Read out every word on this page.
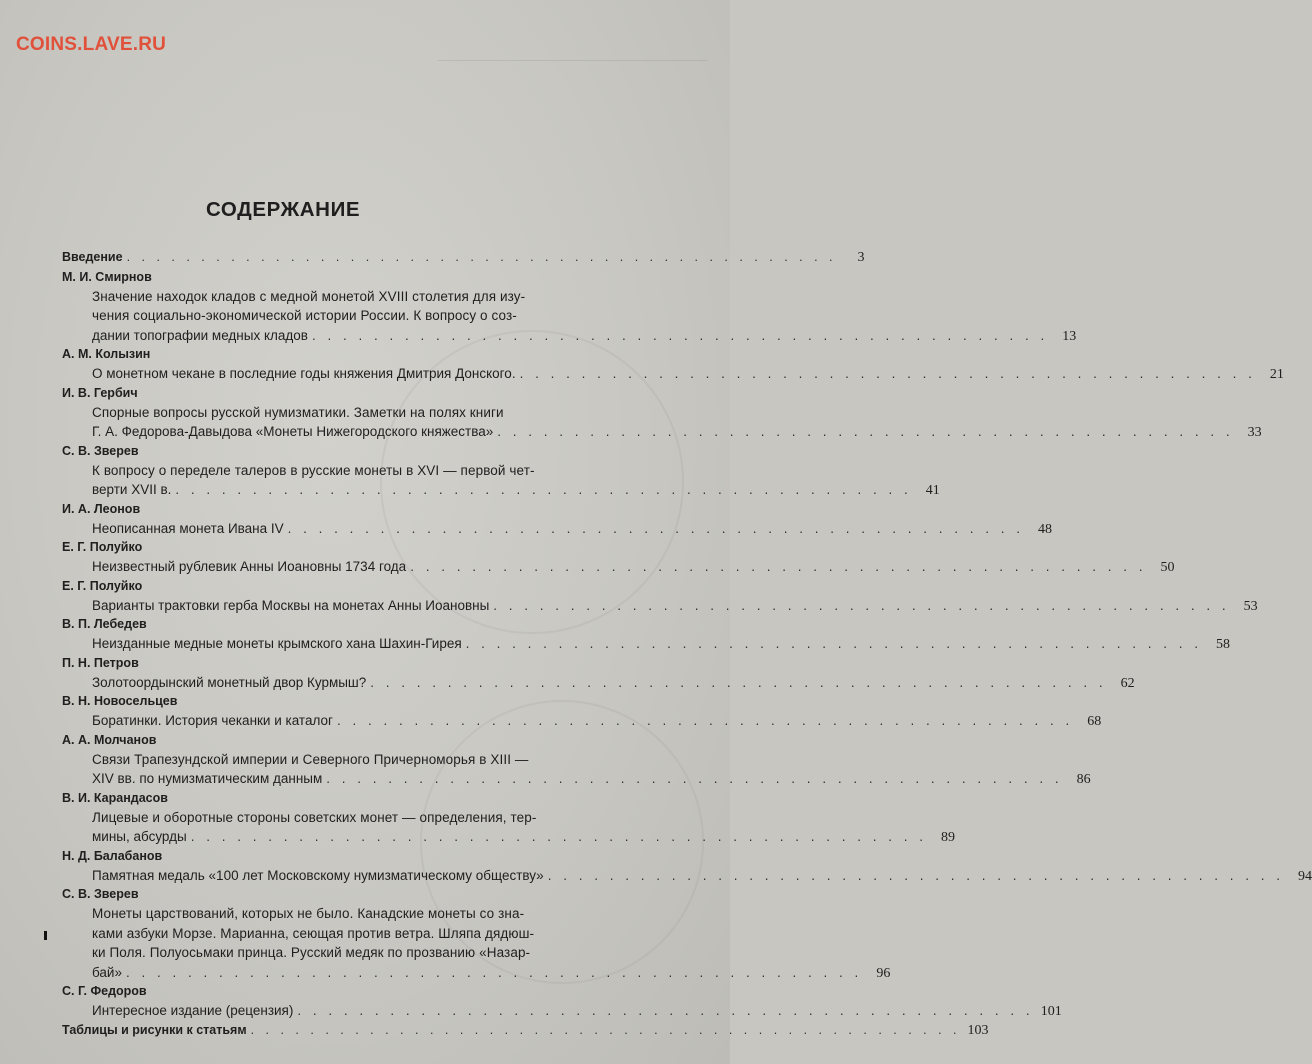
COINS.LAVE.RU
СОДЕРЖАНИЕ
Введение . . . . . . . . . . . . . . . . . . . . . . . . . . . . . . . . . . . . . . . . . . . . . . . .	3
М. И. Смирнов
Значение находок кладов с медной монетой XVIII столетия для изу-
чения социально-экономической истории России. К вопросу о соз-
дании топографии медных кладов . . . . . . . . . . . . . . . . . . . . . . . . . . . . . . . . . . . . . . . . . . . . . . . .	13
А. М. Колызин
О монетном чекане в последние годы княжения Дмитрия Донского. . . . . . . . . . . . . . . . . . . . . . . . . . . . . . . . . . . . . . . . . . . . . . . . .	21
И. В. Гербич
Спорные вопросы русской нумизматики. Заметки на полях книги
Г. А. Федорова-Давыдова «Монеты Нижегородского княжества» . . . . . . . . . . . . . . . . . . . . . . . . . . . . . . . . . . . . . . . . . . . . . . . .	33
С. В. Зверев
К вопросу о переделе талеров в русские монеты в XVI — первой чет-
верти XVII в. . . . . . . . . . . . . . . . . . . . . . . . . . . . . . . . . . . . . . . . . . . . . . . . .	41
И. А. Леонов
Неописанная монета Ивана IV . . . . . . . . . . . . . . . . . . . . . . . . . . . . . . . . . . . . . . . . . . . . . . . .	48
Е. Г. Полуйко
Неизвестный рублевик Анны Иоановны 1734 года . . . . . . . . . . . . . . . . . . . . . . . . . . . . . . . . . . . . . . . . . . . . . . . .	50
Е. Г. Полуйко
Варианты трактовки герба Москвы на монетах Анны Иоановны . . . . . . . . . . . . . . . . . . . . . . . . . . . . . . . . . . . . . . . . . . . . . . . .	53
В. П. Лебедев
Неизданные медные монеты крымского хана Шахин-Гирея . . . . . . . . . . . . . . . . . . . . . . . . . . . . . . . . . . . . . . . . . . . . . . . .	58
П. Н. Петров
Золотоордынский монетный двор Курмыш? . . . . . . . . . . . . . . . . . . . . . . . . . . . . . . . . . . . . . . . . . . . . . . . .	62
В. Н. Новосельцев
Боратинки. История чеканки и каталог . . . . . . . . . . . . . . . . . . . . . . . . . . . . . . . . . . . . . . . . . . . . . . . .	68
А. А. Молчанов
Связи Трапезундской империи и Северного Причерноморья в XIII —
XIV вв. по нумизматическим данным . . . . . . . . . . . . . . . . . . . . . . . . . . . . . . . . . . . . . . . . . . . . . . . .	86
В. И. Карандасов
Лицевые и оборотные стороны советских монет — определения, тер-
мины, абсурды . . . . . . . . . . . . . . . . . . . . . . . . . . . . . . . . . . . . . . . . . . . . . . . .	89
Н. Д. Балабанов
Памятная медаль «100 лет Московскому нумизматическому обществу» . . . . . . . . . . . . . . . . . . . . . . . . . . . . . . . . . . . . . . . . . . . . . . . .	94
С. В. Зверев
Монеты царствований, которых не было. Канадские монеты со зна-
ками азбуки Морзе. Марианна, сеющая против ветра. Шляпа дядюш-
ки Поля. Полуосьмаки принца. Русский медяк по прозванию «Назар-
бай» . . . . . . . . . . . . . . . . . . . . . . . . . . . . . . . . . . . . . . . . . . . . . . . .	96
С. Г. Федоров
Интересное издание (рецензия) . . . . . . . . . . . . . . . . . . . . . . . . . . . . . . . . . . . . . . . . . . . . . . . . 101
Таблицы и рисунки к статьям . . . . . . . . . . . . . . . . . . . . . . . . . . . . . . . . . . . . . . . . . . . . . . . . 103
